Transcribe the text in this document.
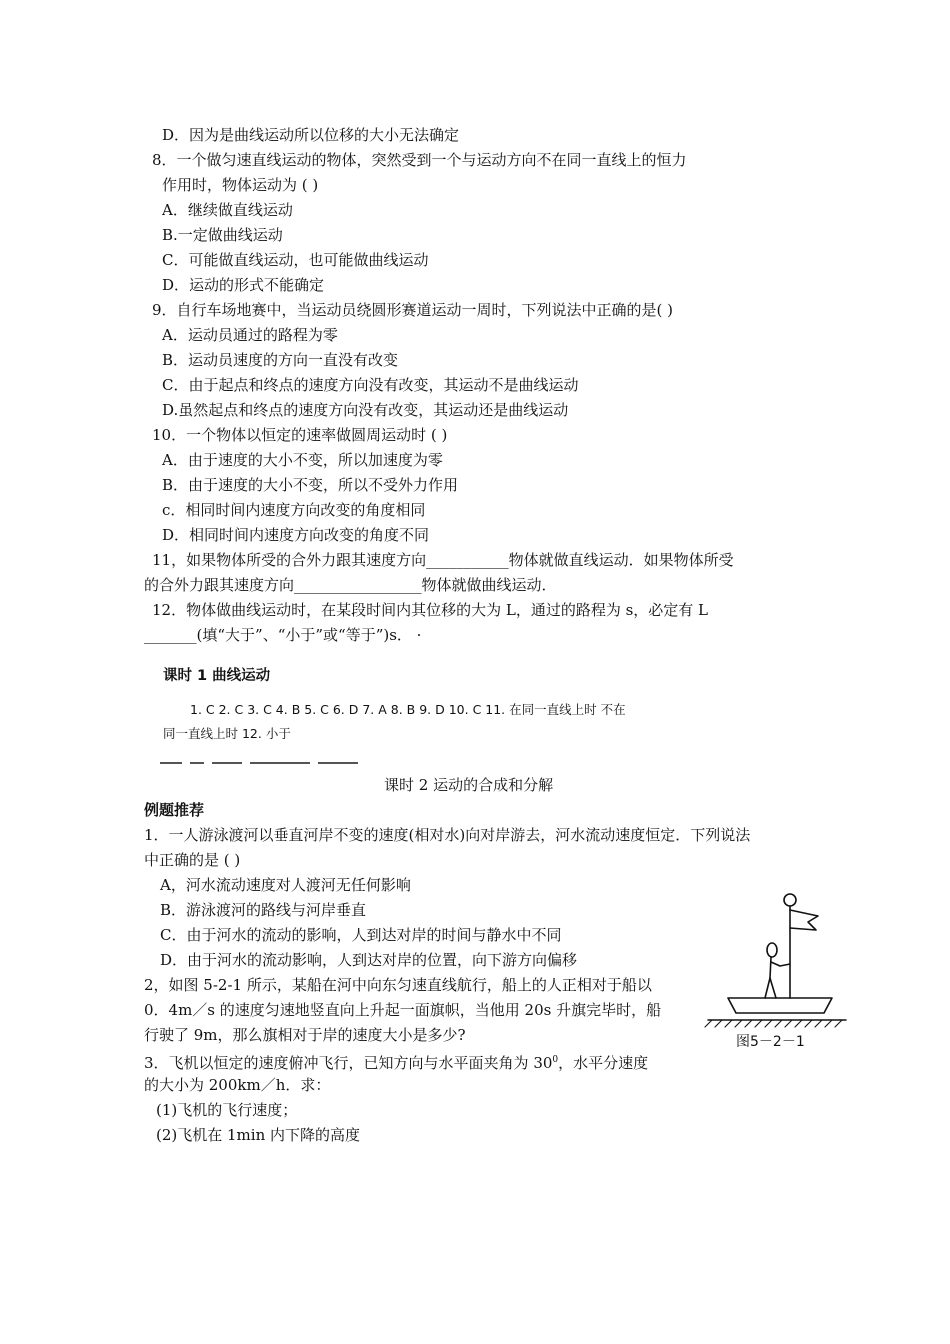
D．因为是曲线运动所以位移的大小无法确定
8．一个做匀速直线运动的物体，突然受到一个与运动方向不在同一直线上的恒力
作用时，物体运动为 ( )
A．继续做直线运动
B.一定做曲线运动
C．可能做直线运动，也可能做曲线运动
D．运动的形式不能确定
9．自行车场地赛中，当运动员绕圆形赛道运动一周时，下列说法中正确的是( )
A．运动员通过的路程为零
B．运动员速度的方向一直没有改变
C．由于起点和终点的速度方向没有改变，其运动不是曲线运动
D.虽然起点和终点的速度方向没有改变，其运动还是曲线运动
10．一个物体以恒定的速率做圆周运动时 ( )
A．由于速度的大小不变，所以加速度为零
B．由于速度的大小不变，所以不受外力作用
c．相同时间内速度方向改变的角度相同
D．相同时间内速度方向改变的角度不同
11，如果物体所受的合外力跟其速度方向___________物体就做直线运动．如果物体所受
的合外力跟其速度方向_________________物体就做曲线运动．
12．物体做曲线运动时，在某段时间内其位移的大为 L，通过的路程为 s，必定有 L
_______(填“大于”、“小于”或“等于”)s． ·
课时 1 曲线运动
1. C 2. C 3. C 4. B 5. C 6. D 7. A 8. B 9. D 10. C 11. 在同一直线上时 不在
同一直线上时 12. 小于
课时 2 运动的合成和分解
例题推荐
1．一人游泳渡河以垂直河岸不变的速度(相对水)向对岸游去，河水流动速度恒定．下列说法
中正确的是 ( )
A，河水流动速度对人渡河无任何影响
B．游泳渡河的路线与河岸垂直
C．由于河水的流动的影响，人到达对岸的时间与静水中不同
D．由于河水的流动影响，人到达对岸的位置，向下游方向偏移
2，如图 5-2-1 所示，某船在河中向东匀速直线航行，船上的人正相对于船以
0．4m／s 的速度匀速地竖直向上升起一面旗帜，当他用 20s 升旗完毕时，船
行驶了 9m，那么旗相对于岸的速度大小是多少?
3．飞机以恒定的速度俯冲飞行，已知方向与水平面夹角为 $30^0$，水平分速度
的大小为 200km／h．求：
(1)飞机的飞行速度；
(2)飞机在 1min 内下降的高度
图5－2－1
